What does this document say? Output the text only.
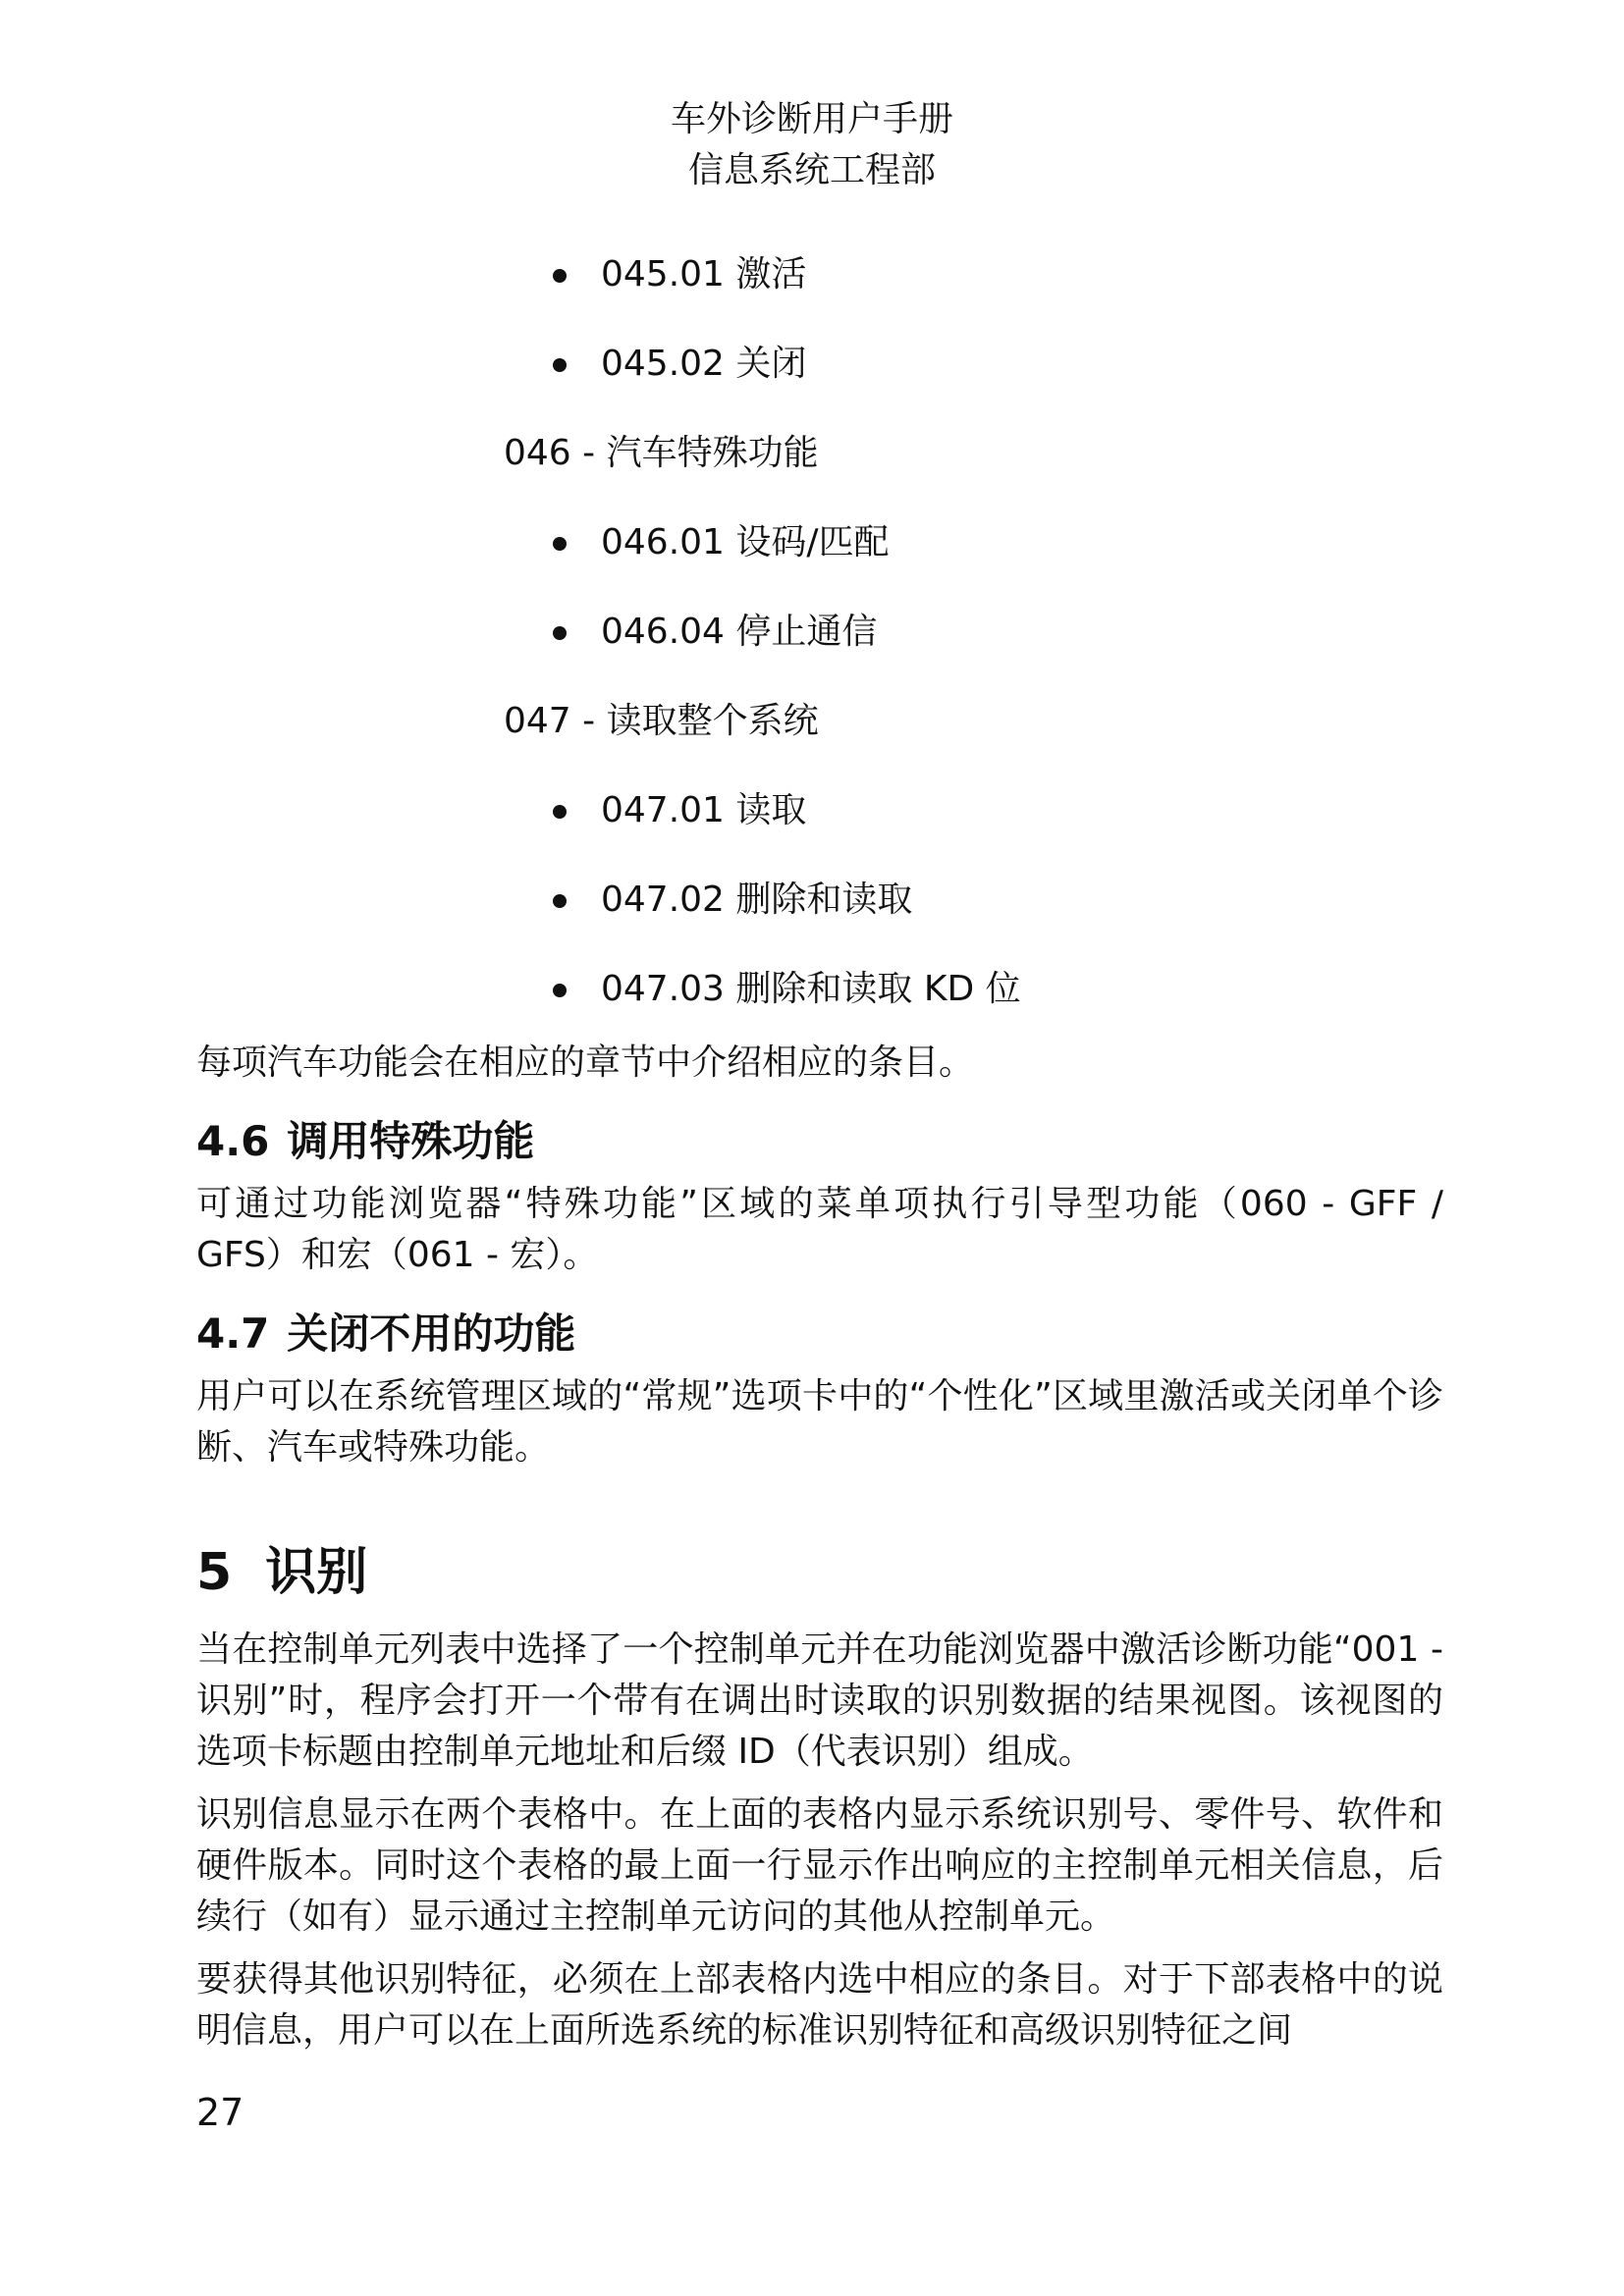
车外诊断用户手册
信息系统工程部
045.01 激活
045.02 关闭
046 - 汽车特殊功能
046.01 设码/匹配
046.04 停止通信
047 - 读取整个系统
047.01 读取
047.02 删除和读取
047.03 删除和读取 KD 位

每项汽车功能会在相应的章节中介绍相应的条目。

4.6 调用特殊功能

可通过功能浏览器“特殊功能”区域的菜单项执行引导型功能（060 - GFF / GFS）和宏（061 - 宏）。

4.7 关闭不用的功能

用户可以在系统管理区域的“常规”选项卡中的“个性化”区域里激活或关闭单个诊断、汽车或特殊功能。

5 识别

当在控制单元列表中选择了一个控制单元并在功能浏览器中激活诊断功能“001 - 识别”时，程序会打开一个带有在调出时读取的识别数据的结果视图。该视图的选项卡标题由控制单元地址和后缀 ID（代表识别）组成。

识别信息显示在两个表格中。在上面的表格内显示系统识别号、零件号、软件和硬件版本。同时这个表格的最上面一行显示作出响应的主控制单元相关信息，后续行（如有）显示通过主控制单元访问的其他从控制单元。

要获得其他识别特征，必须在上部表格内选中相应的条目。对于下部表格中的说明信息，用户可以在上面所选系统的标准识别特征和高级识别特征之间

27
